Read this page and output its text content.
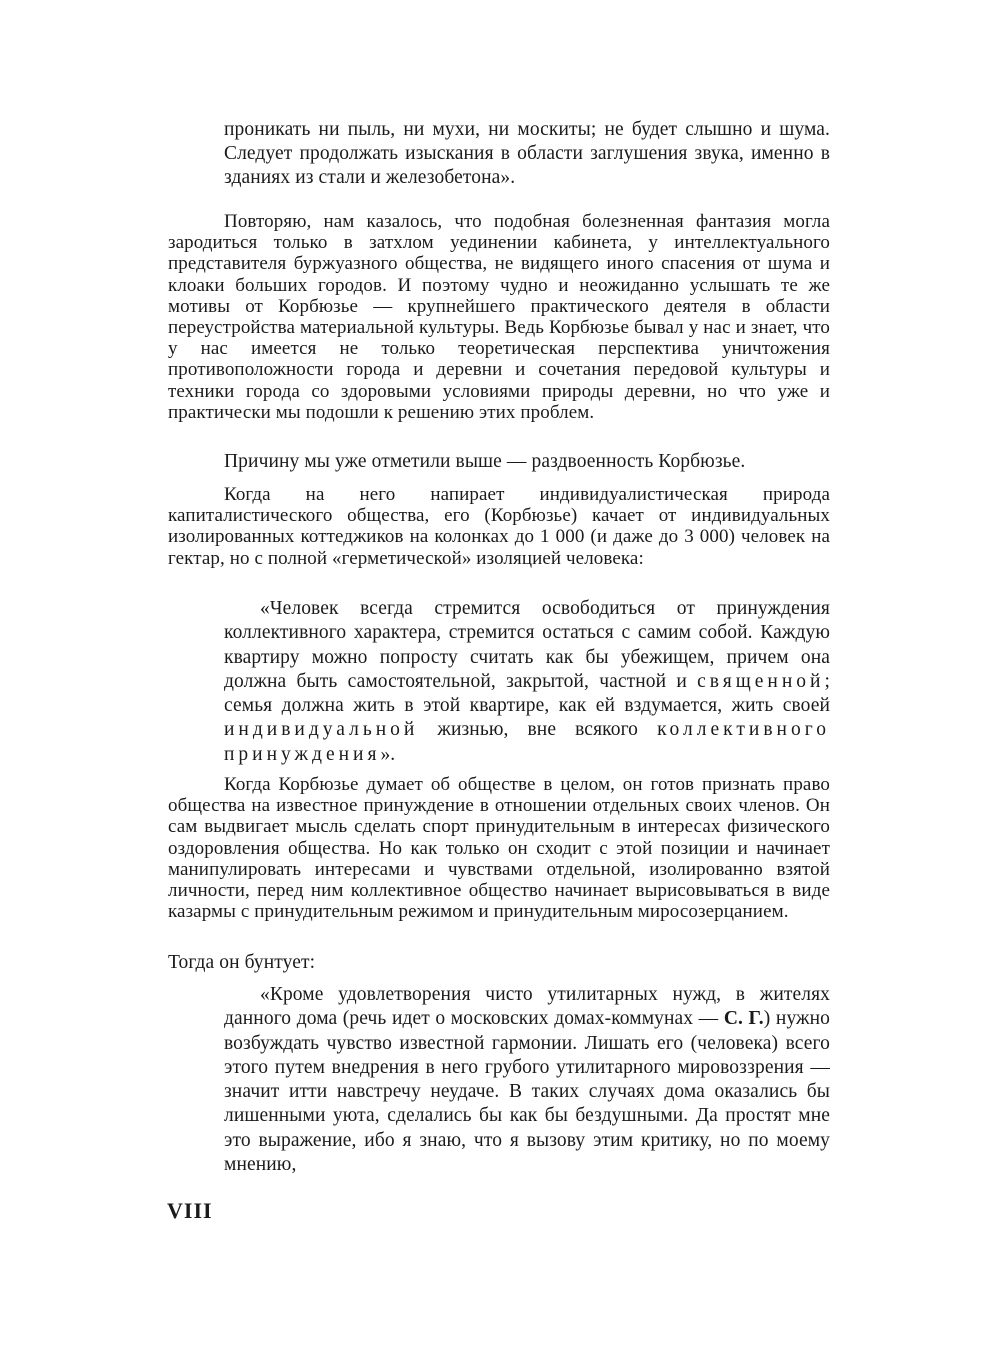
проникать ни пыль, ни мухи, ни москиты; не будет слышно и шума. Следует продолжать изыскания в области заглушения звука, именно в зданиях из стали и железобетона».
Повторяю, нам казалось, что подобная болезненная фантазия могла зародиться только в затхлом уединении кабинета, у интеллектуального представителя буржуазного общества, не видящего иного спасения от шума и клоаки больших городов. И поэтому чудно и неожиданно услышать те же мотивы от Корбюзье — крупнейшего практического деятеля в области переустройства материальной культуры. Ведь Корбюзье бывал у нас и знает, что у нас имеется не только теоретическая перспектива уничтожения противоположности города и деревни и сочетания передовой культуры и техники города со здоровыми условиями природы деревни, но что уже и практически мы подошли к решению этих проблем.
Причину мы уже отметили выше — раздвоенность Корбюзье.
Когда на него напирает индивидуалистическая природа капиталистического общества, его (Корбюзье) качает от индивидуальных изолированных коттеджиков на колонках до 1 000 (и даже до 3 000) человек на гектар, но с полной «герметической» изоляцией человека:
«Человек всегда стремится освободиться от принуждения коллективного характера, стремится остаться с самим собой. Каждую квартиру можно попросту считать как бы убежищем, причем она должна быть самостоятельной, закрытой, частной и священной; семья должна жить в этой квартире, как ей вздумается, жить своей индивидуальной жизнью, вне всякого коллективного принуждения».
Когда Корбюзье думает об обществе в целом, он готов признать право общества на известное принуждение в отношении отдельных своих членов. Он сам выдвигает мысль сделать спорт принудительным в интересах физического оздоровления общества. Но как только он сходит с этой позиции и начинает манипулировать интересами и чувствами отдельной, изолированно взятой личности, перед ним коллективное общество начинает вырисовываться в виде казармы с принудительным режимом и принудительным миросозерцанием.
Тогда он бунтует:
«Кроме удовлетворения чисто утилитарных нужд, в жителях данного дома (речь идет о московских домах-коммунах — С. Г.) нужно возбуждать чувство известной гармонии. Лишать его (человека) всего этого путем внедрения в него грубого утилитарного мировоззрения — значит итти навстречу неудаче. В таких случаях дома оказались бы лишенными уюта, сделались бы как бы бездушными. Да простят мне это выражение, ибо я знаю, что я вызову этим критику, но по моему мнению,
VIII
